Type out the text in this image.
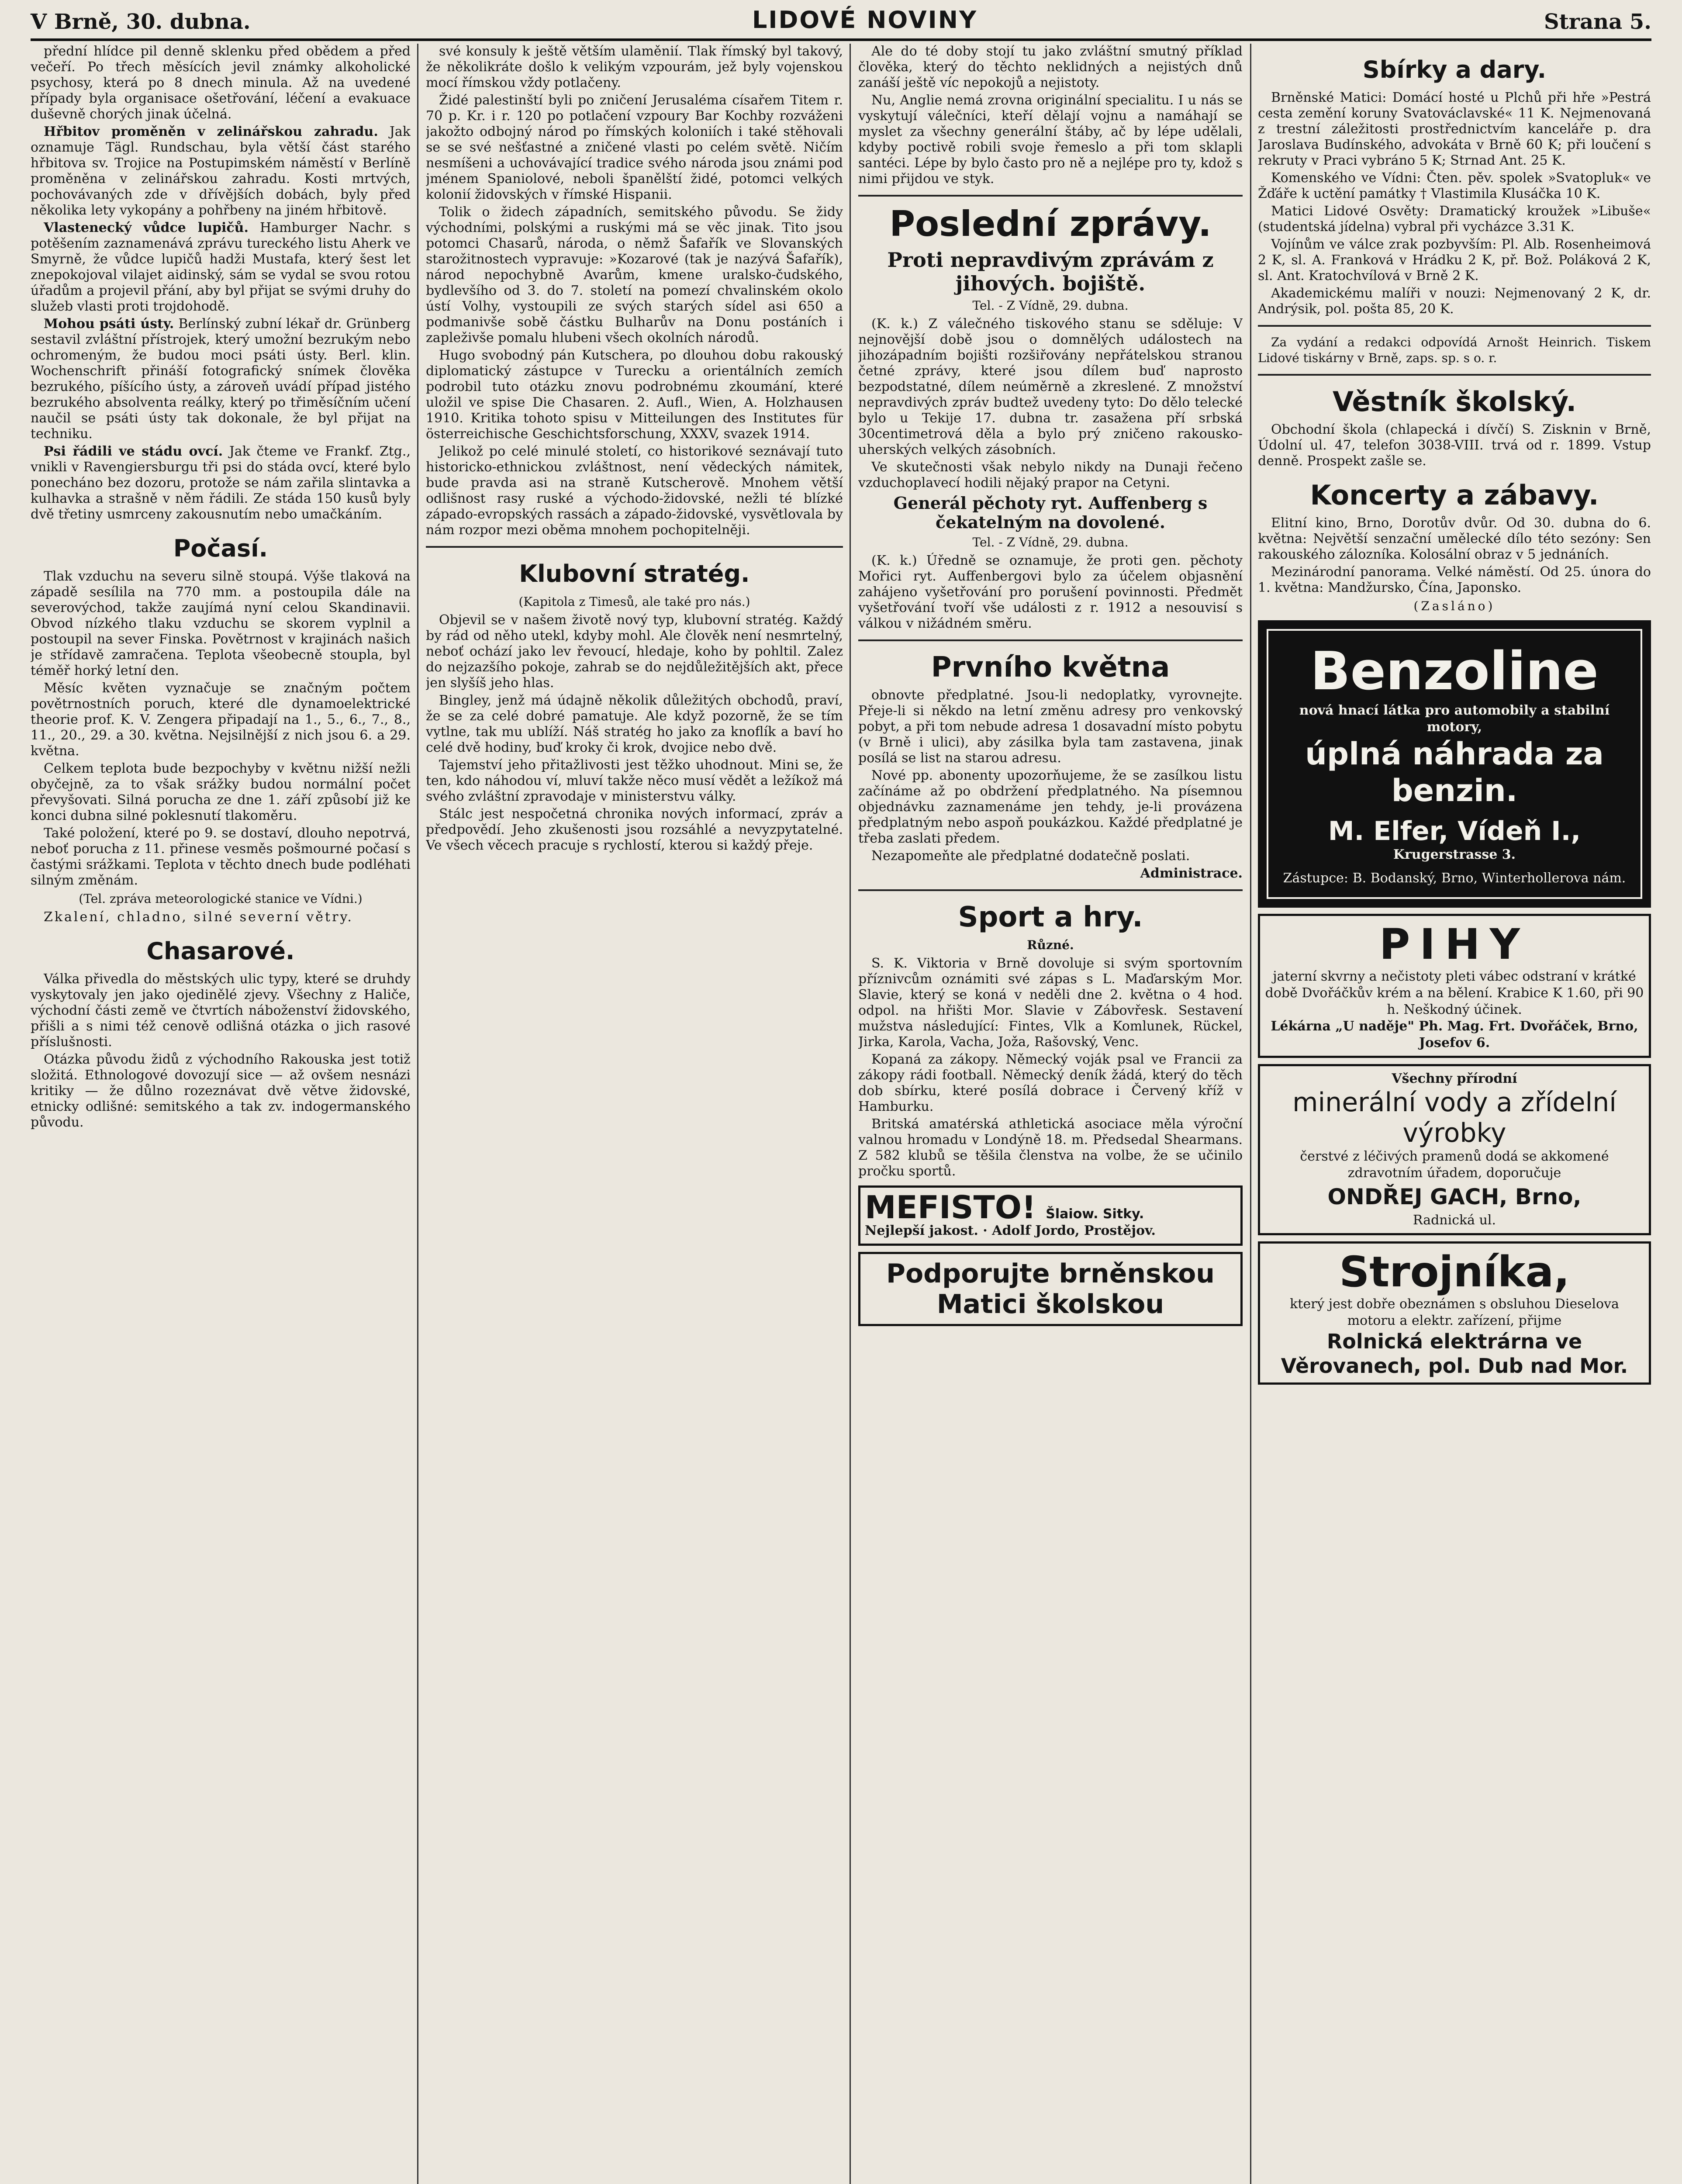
V Brně, 30. dubna.	LIDOVÉ NOVINY	Strana 5.

přední hlídce pil denně sklenku před obědem a před večeří. Po třech měsících jevil známky alkoholické psychosy, která po 8 dnech minula. Až na uvedené případy byla organisace ošetřování, léčení a evakuace duševně chorých jinak účelná.

Hřbitov proměněn v zelinářskou zahradu. Jak oznamuje Tägl. Rundschau, byla větší část starého hřbitova sv. Trojice na Postupimském náměstí v Berlíně proměněna v zelinářskou zahradu. Kosti mrtvých, pochovávaných zde v dřívějších dobách, byly před několika lety vykopány a pohřbeny na jiném hřbitově.

Vlastenecký vůdce lupičů. Hamburger Nachr. s potěšením zaznamenává zprávu tureckého listu Aherk ve Smyrně, že vůdce lupičů hadži Mustafa, který šest let znepokojoval vilajet aidinský, sám se vydal se svou rotou úřadům a projevil přání, aby byl přijat se svými druhy do služeb vlasti proti trojdohodě.

Mohou psáti ústy. Berlínský zubní lékař dr. Grünberg sestavil zvláštní přístrojek, který umožní bezrukým nebo ochromeným, že budou moci psáti ústy. Berl. klin. Wochenschrift přináší fotografický snímek člověka bezrukého, píšícího ústy, a zároveň uvádí případ jistého bezrukého absolventa reálky, který po třiměsíčním učení naučil se psáti ústy tak dokonale, že byl přijat na techniku.

Psi řádili ve stádu ovcí. Jak čteme ve Frankf. Ztg., vnikli v Ravengiersburgu tři psi do stáda ovcí, které bylo ponecháno bez dozoru, protože se nám zařila slintavka a kulhavka a strašně v něm řádili. Ze stáda 150 kusů byly dvě třetiny usmrceny zakousnutím nebo umačkáním.

Počasí.

Tlak vzduchu na severu silně stoupá. Výše tlaková na západě sesílila na 770 mm. a postoupila dále na severovýchod, takže zaujímá nyní celou Skandinavii. Obvod nízkého tlaku vzduchu se skorem vyplnil a postoupil na sever Finska. Povětrnost v krajinách našich je střídavě zamračena. Teplota všeobecně stoupla, byl téměř horký letní den.

Měsíc květen vyznačuje se značným počtem povětrnostních poruch, které dle dynamoelektrické theorie prof. K. V. Zengera připadají na 1., 5., 6., 7., 8., 11., 20., 29. a 30. května. Nejsilnější z nich jsou 6. a 29. května.

Celkem teplota bude bezpochyby v květnu nižší nežli obyčejně, za to však srážky budou normální počet převyšovati. Silná porucha ze dne 1. září způsobí již ke konci dubna silné poklesnutí tlakoměru.

Také položení, které po 9. se dostaví, dlouho nepotrvá, neboť porucha z 11. přinese vesměs pošmourné počasí s častými srážkami. Teplota v těchto dnech bude podléhati silným změnám.

(Tel. zpráva meteorologické stanice ve Vídni.)

Zkalení, chladno, silné severní větry.

Chasarové.

Válka přivedla do městských ulic typy, které se druhdy vyskytovaly jen jako ojedinělé zjevy. Všechny z Haliče, východní části země ve čtvrtích náboženství židovského, přišli a s nimi též cenově odlišná otázka o jich rasové příslušnosti.

Otázka původu židů z východního Rakouska jest totiž složitá. Ethnologové dovozují sice — až ovšem nesnázi kritiky — že důlno rozeznávat dvě větve židovské, etnicky odlišné: semitského a tak zv. indogermanského původu.

své konsuly k ještě větším ulaměnií. Tlak římský byl takový, že několikráte došlo k velikým vzpourám, jež byly vojenskou mocí římskou vždy potlačeny.

Židé palestinští byli po zničení Jerusaléma císařem Titem r. 70 p. Kr. i r. 120 po potlačení vzpoury Bar Kochby rozváženi jakožto odbojný národ po římských koloniích i také stěhovali se se své nešťastné a zničené vlasti po celém světě. Ničím nesmíšeni a uchovávající tradice svého národa jsou známi pod jménem Spaniolové, neboli španělští židé, potomci velkých kolonií židovských v římské Hispanii.

Tolik o židech západních, semitského původu. Se židy východními, polskými a ruskými má se věc jinak. Tito jsou potomci Chasarů, národa, o němž Šafařík ve Slovanských starožitnostech vypravuje: »Kozarové (tak je nazývá Šafařík), národ nepochybně Avarům, kmene uralsko-čudského, bydlevšího od 3. do 7. století na pomezí chvalinském okolo ústí Volhy, vystoupili ze svých starých sídel asi 650 a podmanivše sobě částku Bulharův na Donu postáních i zapleživše pomalu hlubeni všech okolních národů.

Hugo svobodný pán Kutschera, po dlouhou dobu rakouský diplomatický zástupce v Turecku a orientálních zemích podrobil tuto otázku znovu podrobnému zkoumání, které uložil ve spise Die Chasaren. 2. Aufl., Wien, A. Holzhausen 1910. Kritika tohoto spisu v Mitteilungen des Institutes für österreichische Geschichtsforschung, XXXV, svazek 1914.

Jelikož po celé minulé století, co historikové seznávají tuto historicko-ethnickou zvláštnost, není vědeckých námitek, bude pravda asi na straně Kutscherově. Mnohem větší odlišnost rasy ruské a východo-židovské, nežli té blízké západo-evropských rassách a západo-židovské, vysvětlovala by nám rozpor mezi oběma mnohem pochopitelněji.

Klubovní stratég.
(Kapitola z Timesů, ale také pro nás.)

Objevil se v našem životě nový typ, klubovní stratég. Každý by rád od něho utekl, kdyby mohl. Ale člověk není nesmrtelný, neboť ochází jako lev řevoucí, hledaje, koho by pohltil. Zalez do nejzazšího pokoje, zahrab se do nejdůležitějších akt, přece jen slyšíš jeho hlas.

Bingley, jenž má údajně několik důležitých obchodů, praví, že se za celé dobré pamatuje. Ale když pozorně, že se tím vytlne, tak mu ublíží. Náš stratég ho jako za knoflík a baví ho celé dvě hodiny, buď kroky či krok, dvojice nebo dvě.

Tajemství jeho přitažlivosti jest těžko uhodnout. Mini se, že ten, kdo náhodou ví, mluví takže něco musí vědět a ležíkož má svého zvláštní zpravodaje v ministerstvu války.

Stálc jest nespočetná chronika nových informací, zpráv a předpovědí. Jeho zkušenosti jsou rozsáhlé a nevyzpytatelné. Ve všech věcech pracuje s rychlostí, kterou si každý přeje.

Ale do té doby stojí tu jako zvláštní smutný příklad člověka, který do těchto neklidných a nejistých dnů zanáší ještě víc nepokojů a nejistoty.

Nu, Anglie nemá zrovna originální specialitu. I u nás se vyskytují válečníci, kteří dělají vojnu a namáhají se myslet za všechny generální štáby, ač by lépe udělali, kdyby poctivě robili svoje řemeslo a při tom sklapli santéci. Lépe by bylo často pro ně a nejlépe pro ty, kdož s nimi přijdou ve styk.

Poslední zprávy.
Proti nepravdivým zprávám z jihových. bojiště.
Tel. - Z Vídně, 29. dubna.

(K. k.) Z válečného tiskového stanu se sděluje: V nejnovější době jsou o domnělých událostech na jihozápadním bojišti rozšiřovány nepřátelskou stranou četné zprávy, které jsou dílem buď naprosto bezpodstatné, dílem neúměrně a zkreslené. Z množství nepravdivých zpráv budtež uvedeny tyto: Do dělo telecké bylo u Tekije 17. dubna tr. zasažena pří srbská 30centimetrová děla a bylo prý zničeno rakousko-uherských velkých zásobních.

Ve skutečnosti však nebylo nikdy na Dunaji řečeno vzduchoplavecí hodili nějaký prapor na Cetyni.

Generál pěchoty ryt. Auffenberg s čekatelným na dovolené.
Tel. - Z Vídně, 29. dubna.

(K. k.) Úředně se oznamuje, že proti gen. pěchoty Mořici ryt. Auffenbergovi bylo za účelem objasnění zahájeno vyšetřování pro porušení povinnosti. Předmět vyšetřování tvoří vše události z r. 1912 a nesouvisí s válkou v nižádném směru.

Prvního května

obnovte předplatné. Jsou-li nedoplatky, vyrovnejte. Přeje-li si někdo na letní změnu adresy pro venkovský pobyt, a při tom nebude adresa 1 dosavadní místo pobytu (v Brně i ulici), aby zásilka byla tam zastavena, jinak posílá se list na starou adresu.

Nové pp. abonenty upozorňujeme, že se zasílkou listu začínáme až po obdržení předplatného. Na písemnou objednávku zaznamenáme jen tehdy, je-li provázena předplatným nebo aspoň poukázkou. Každé předplatné je třeba zaslati předem.

Nezapomeňte ale předplatné dodatečně poslati.

Administrace.
Sport a hry.
Různé.

S. K. Viktoria v Brně dovoluje si svým sportovním příznivcům oznámiti své zápas s L. Maďarským Mor. Slavie, který se koná v neděli dne 2. května o 4 hod. odpol. na hřišti Mor. Slavie v Zábovřesk. Sestavení mužstva následující: Fintes, Vlk a Komlunek, Rückel, Jirka, Karola, Vacha, Joža, Rašovský, Venc.

Kopaná za zákopy. Německý voják psal ve Francii za zákopy rádi football. Německý deník žádá, který do těch dob sbírku, které posílá dobrace i Červený kříž v Hamburku.

Britská amatérská athletická asociace měla výroční valnou hromadu v Londýně 18. m. Předsedal Shearmans. Z 582 klubů se těšila členstva na volbe, že se učinilo pročku sportů.

MEFISTO! Šlaiow. Sitky.
Nejlepší jakost. · Adolf Jordo, Prostějov.
Podporujte brněnskou Matici školskou
Sbírky a dary.

Brněnské Matici: Domácí hosté u Plchů při hře »Pestrá cesta zemění koruny Svatováclavské« 11 K. Nejmenovaná z trestní záležitosti prostřednictvím kanceláře p. dra Jaroslava Budínského, advokáta v Brně 60 K; při loučení s rekruty v Praci vybráno 5 K; Strnad Ant. 25 K.

Komenského ve Vídni: Čten. pěv. spolek »Svatopluk« ve Žďáře k uctění památky † Vlastimila Klusáčka 10 K.

Matici Lidové Osvěty: Dramatický kroužek »Libuše« (studentská jídelna) vybral při vycházce 3.31 K.

Vojínům ve válce zrak pozbyvším: Pl. Alb. Rosenheimová 2 K, sl. A. Franková v Hrádku 2 K, př. Bož. Poláková 2 K, sl. Ant. Kratochvílová v Brně 2 K.

Akademickému malíři v nouzi: Nejmenovaný 2 K, dr. Andrýsik, pol. pošta 85, 20 K.

Za vydání a redakci odpovídá Arnošt Heinrich. Tiskem Lidové tiskárny v Brně, zaps. sp. s o. r.

Věstník školský.

Obchodní škola (chlapecká i dívčí) S. Zisknin v Brně, Údolní ul. 47, telefon 3038-VIII. trvá od r. 1899. Vstup denně. Prospekt zašle se.

Koncerty a zábavy.

Elitní kino, Brno, Dorotův dvůr. Od 30. dubna do 6. května: Největší senzační umělecké dílo této sezóny: Sen rakouského zálozníka. Kolosální obraz v 5 jednáních.

Mezinárodní panorama. Velké náměstí. Od 25. února do 1. května: Mandžursko, Čína, Japonsko.

(Zasláno)
Benzoline
nová hnací látka pro automobily a stabilní motory,
úplná náhrada za benzin.
M. Elfer, Vídeň I.,
Krugerstrasse 3.
Zástupce: B. Bodanský, Brno, Winterhollerova nám.
PIHY
jaterní skvrny a nečistoty pleti vábec odstraní v krátké době Dvořáčkův krém a na bělení. Krabice K 1.60, při 90 h. Neškodný účinek.
Lékárna „U naděje" Ph. Mag. Frt. Dvořáček, Brno, Josefov 6.
Všechny přírodní
minerální vody a zřídelní výrobky
čerstvé z léčivých pramenů dodá se akkomené zdravotním úřadem, doporučuje
ONDŘEJ GACH, Brno,
Radnická ul.
Strojníka,
který jest dobře obeznámen s obsluhou Dieselova motoru a elektr. zařízení, přijme
Rolnická elektrárna ve Věrovanech, pol. Dub nad Mor.
